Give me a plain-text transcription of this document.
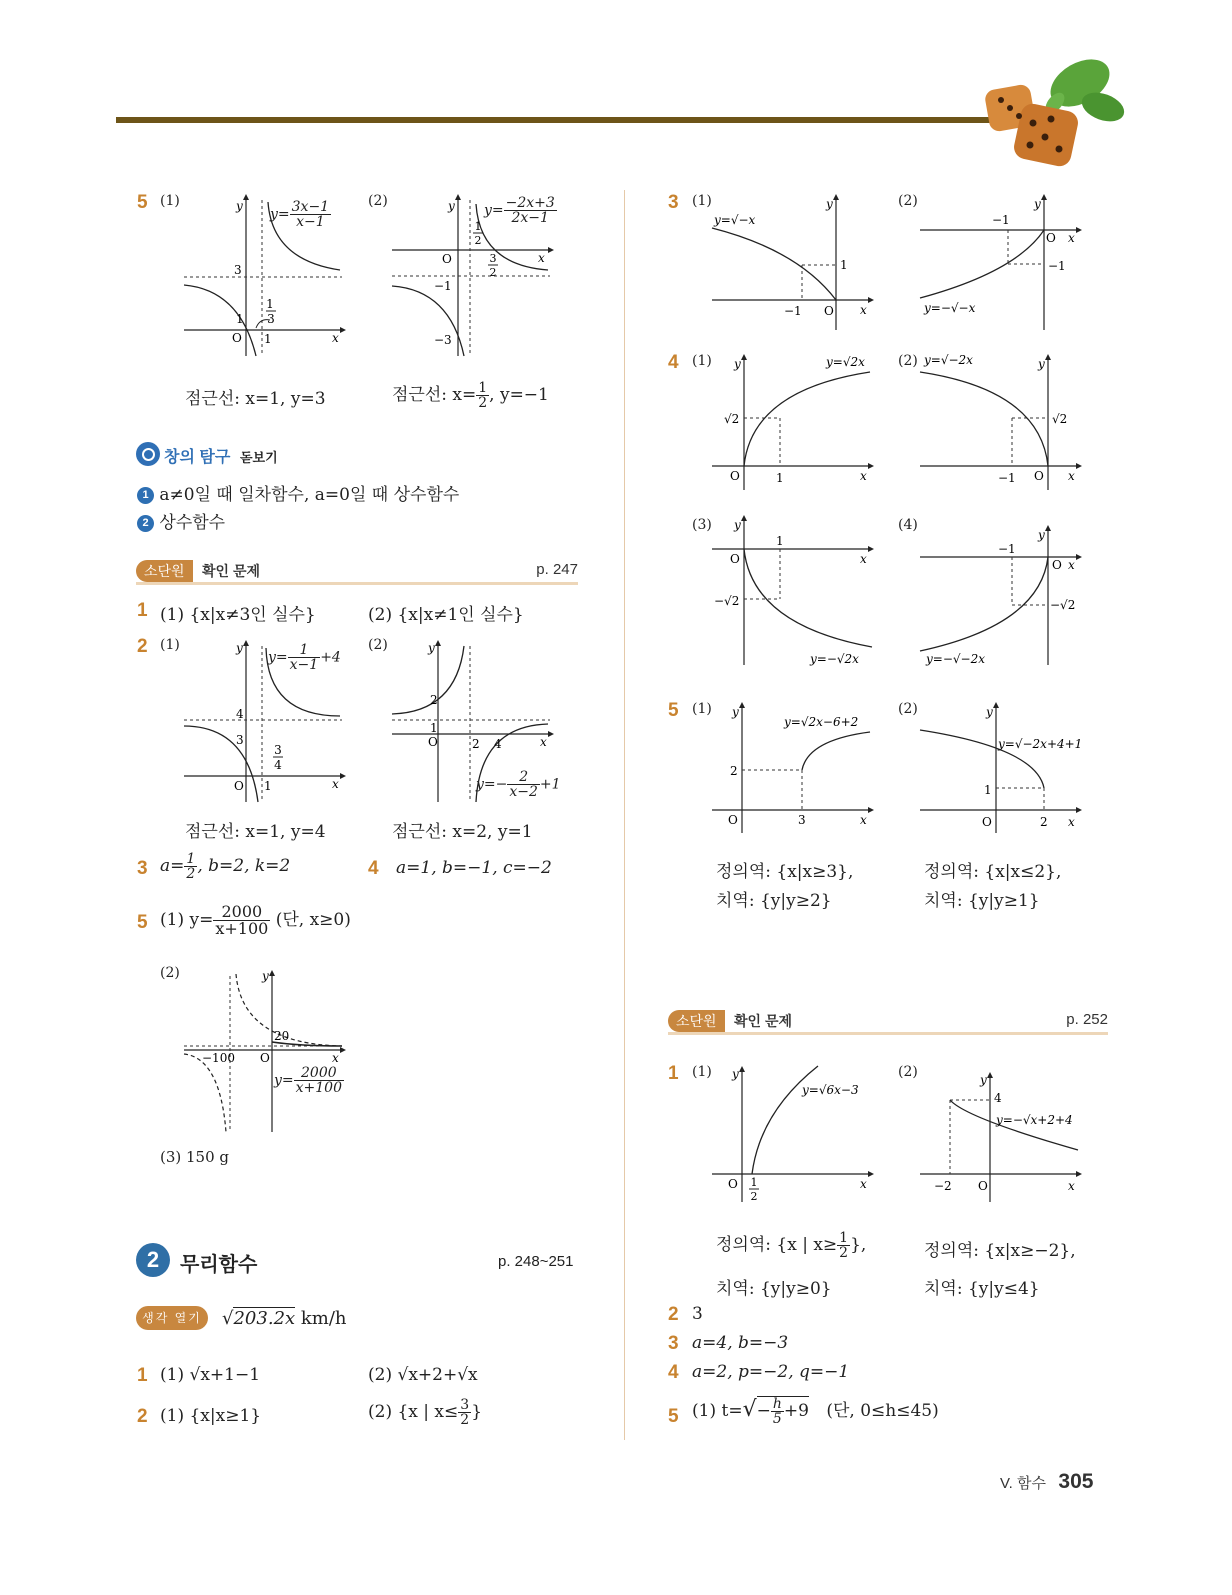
5 (1)	(2)
3
1
O 1	x
y
1
3
$y= \frac{3x-1}{x-1}$
점근선: x=1, y=3
O
−1
−3
x
y
1
2
3
2
$y= \frac{-2x+3}{2x-1}$
점근선: $x= \frac{1}{2}$ , y=−1
창의 탐구 돋보기
1 a≠0일 때 일차함수, a=0일 때 상수함수
2 상수함수
소단원	확인 문제	p. 247
1 (1) {x|x≠3인 실수}	(2) {x|x≠1인 실수}
2 (1)	(2)
4
3
O 1	x
y
3
4
$y= \frac{1}{x-1} +4$
점근선: x=1, y=4
2
1
O	2 4	x
y
$y=- \frac{2}{x-2} +1$
점근선: x=2, y=1
3 $a= \frac{1}{2}$ , b=2, k=2	4 a=1, b=−1, c=−2
5 (1) $y= \frac{2000}{x+100}$ (단, x≥0)
(2)
−100 O
20
x
y
$y= \frac{2000}{x+100}$
(3) 150 g
2	무리함수	p. 248~251
생각 열기	√203.2x km/h
1 (1) √x+1−1	(2) √x+2+√x
2 (1) {x|x≥1}	(2) {x | $x\le \frac{3}{2}$ }
3 (1)	(2)
1
−1 O x
y
y=√−x	−1
−1
O x
y
y=−√−x
4 (1)	(2)
√2
O	1	x
y	y=√2x
√2
−1 O x
y
y=√−2x
(3)	(4)
1
O
−√2
x
y
y=−√2x
−1
O
−√2
x
y
y=−√−2x
5 (1)	(2)
2
O	3	x
y
y=√2x−6+2
1
O	2 x
y
y=√−2x+4+1
정의역: {x|x≥3},
치역: {y|y≥2}
정의역: {x|x≤2},
치역: {y|y≥1}
소단원	확인 문제	p. 252
1 (1)	(2)
O	x
y
y=√6x−3
1
2
4
−2 O	x
y
y=−√x+2+4
정의역: {x | $x\ge \frac{1}{2}$ },
치역: {y|y≥0}
정의역: {x|x≥−2},
치역: {y|y≤4}
2 3
3 a=4, b=−3
4 a=2, p=−2, q=−1
5 (1) $t=√- \frac{h}{5} +9$ (단, 0≤h≤45)
V. 함수 305
